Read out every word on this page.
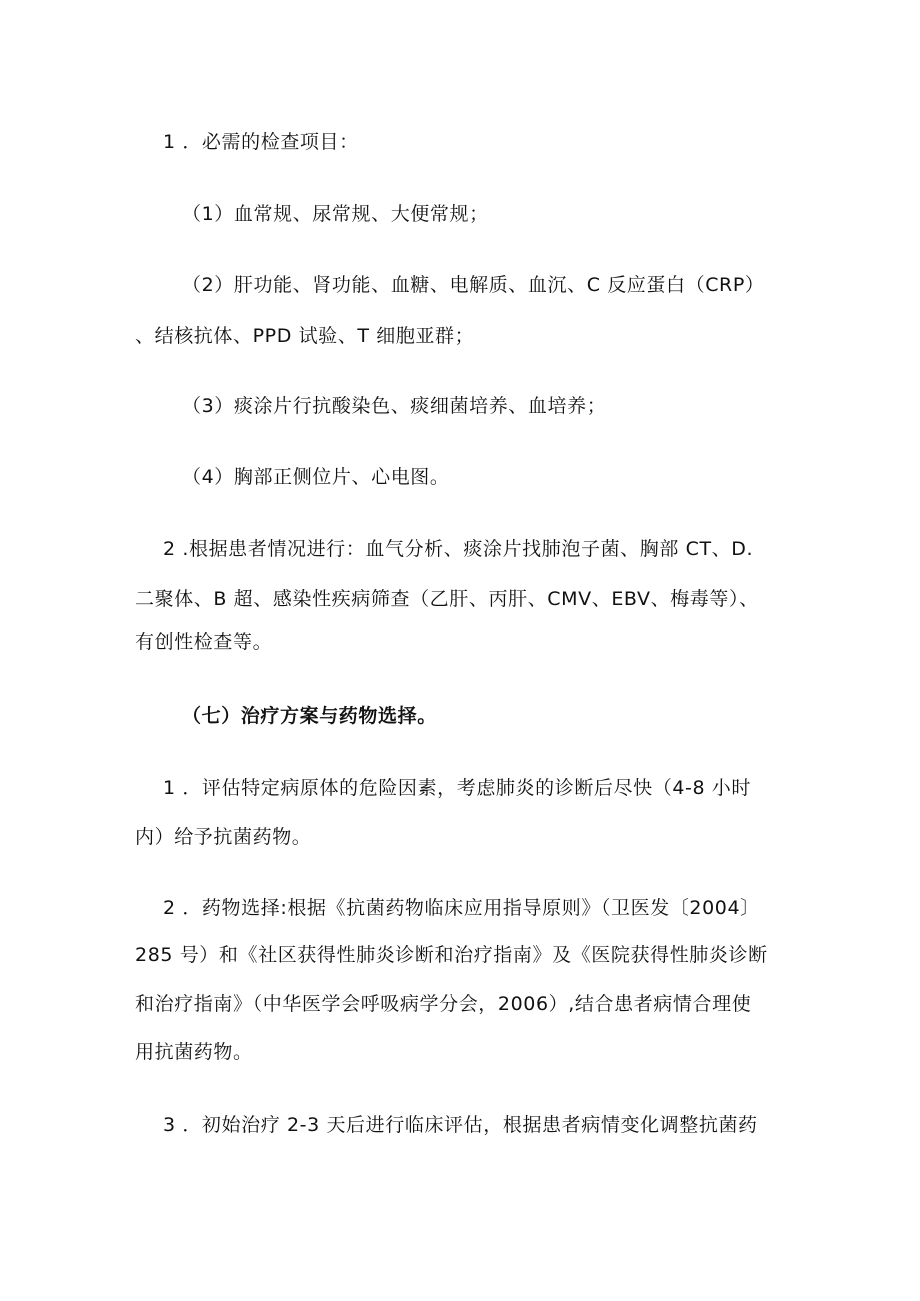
1 ．必需的检查项目：
（1）血常规、尿常规、大便常规；
（2）肝功能、肾功能、血糖、电解质、血沉、C 反应蛋白（CRP）
、结核抗体、PPD 试验、T 细胞亚群；
（3）痰涂片行抗酸染色、痰细菌培养、血培养；
（4）胸部正侧位片、心电图。
2 .根据患者情况进行：血气分析、痰涂片找肺泡子菌、胸部 CT、D.
二聚体、B 超、感染性疾病筛查（乙肝、丙肝、CMV、EBV、梅毒等）、
有创性检查等。
（七）治疗方案与药物选择。
1 ．评估特定病原体的危险因素，考虑肺炎的诊断后尽快（4-8 小时
内）给予抗菌药物。
2 ．药物选择:根据《抗菌药物临床应用指导原则》（卫医发〔2004〕
285 号）和《社区获得性肺炎诊断和治疗指南》及《医院获得性肺炎诊断
和治疗指南》（中华医学会呼吸病学分会，2006）,结合患者病情合理使
用抗菌药物。
3 ．初始治疗 2-3 天后进行临床评估，根据患者病情变化调整抗菌药
